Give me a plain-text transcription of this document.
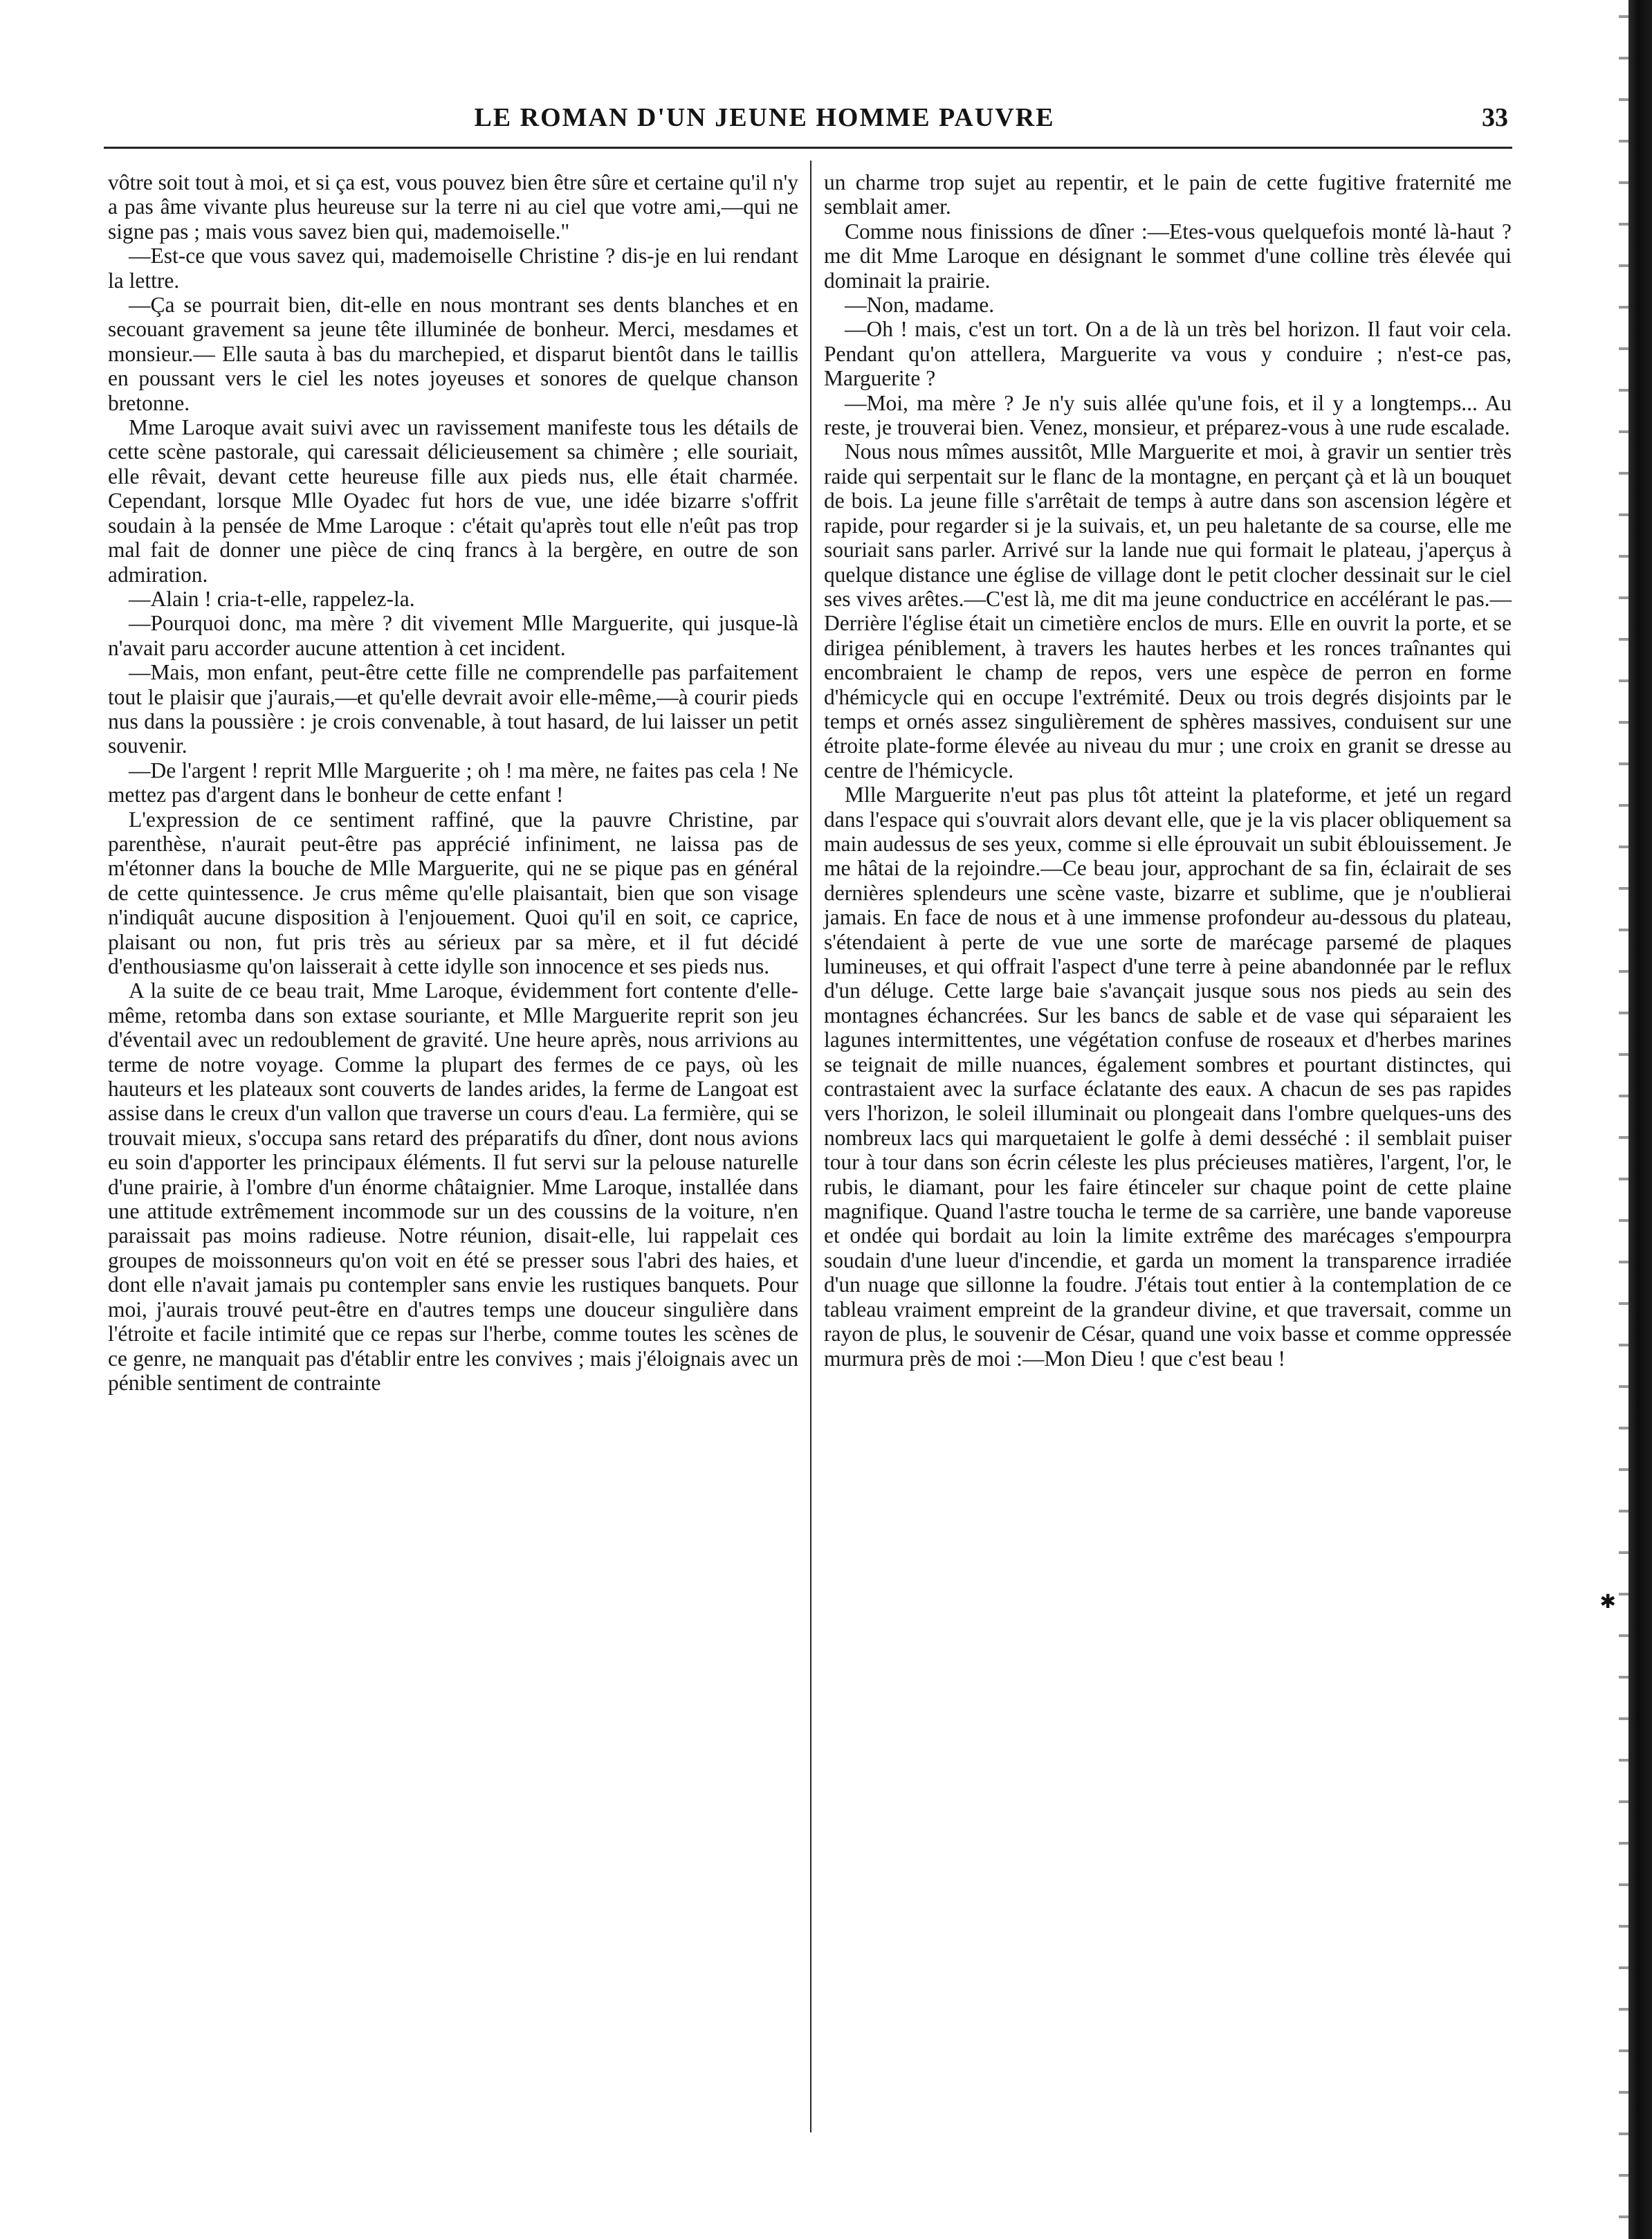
LE ROMAN D'UN JEUNE HOMME PAUVRE	33

vôtre soit tout à moi, et si ça est, vous pouvez bien être sûre et certaine qu'il n'y a pas âme vivante plus heureuse sur la terre ni au ciel que votre ami,—qui ne signe pas ; mais vous savez bien qui, mademoiselle."

—Est-ce que vous savez qui, mademoiselle Christine ? dis-je en lui rendant la lettre.

—Ça se pourrait bien, dit-elle en nous montrant ses dents blanches et en secouant gravement sa jeune tête illuminée de bonheur. Merci, mesdames et monsieur.— Elle sauta à bas du marchepied, et disparut bientôt dans le taillis en poussant vers le ciel les notes joyeuses et sonores de quelque chanson bretonne.

Mme Laroque avait suivi avec un ravissement manifeste tous les détails de cette scène pastorale, qui caressait délicieusement sa chimère ; elle souriait, elle rêvait, devant cette heureuse fille aux pieds nus, elle était charmée. Cependant, lorsque Mlle Oyadec fut hors de vue, une idée bizarre s'offrit soudain à la pensée de Mme Laroque : c'était qu'après tout elle n'eût pas trop mal fait de donner une pièce de cinq francs à la bergère, en outre de son admiration.

—Alain ! cria-t-elle, rappelez-la.

—Pourquoi donc, ma mère ? dit vivement Mlle Marguerite, qui jusque-là n'avait paru accorder aucune attention à cet incident.

—Mais, mon enfant, peut-être cette fille ne comprendelle pas parfaitement tout le plaisir que j'aurais,—et qu'elle devrait avoir elle-même,—à courir pieds nus dans la poussière : je crois convenable, à tout hasard, de lui laisser un petit souvenir.

—De l'argent ! reprit Mlle Marguerite ; oh ! ma mère, ne faites pas cela ! Ne mettez pas d'argent dans le bonheur de cette enfant !

L'expression de ce sentiment raffiné, que la pauvre Christine, par parenthèse, n'aurait peut-être pas apprécié infiniment, ne laissa pas de m'étonner dans la bouche de Mlle Marguerite, qui ne se pique pas en général de cette quintessence. Je crus même qu'elle plaisantait, bien que son visage n'indiquât aucune disposition à l'enjouement. Quoi qu'il en soit, ce caprice, plaisant ou non, fut pris très au sérieux par sa mère, et il fut décidé d'enthousiasme qu'on laisserait à cette idylle son innocence et ses pieds nus.

A la suite de ce beau trait, Mme Laroque, évidemment fort contente d'elle-même, retomba dans son extase souriante, et Mlle Marguerite reprit son jeu d'éventail avec un redoublement de gravité. Une heure après, nous arrivions au terme de notre voyage. Comme la plupart des fermes de ce pays, où les hauteurs et les plateaux sont couverts de landes arides, la ferme de Langoat est assise dans le creux d'un vallon que traverse un cours d'eau. La fermière, qui se trouvait mieux, s'occupa sans retard des préparatifs du dîner, dont nous avions eu soin d'apporter les principaux éléments. Il fut servi sur la pelouse naturelle d'une prairie, à l'ombre d'un énorme châtaignier. Mme Laroque, installée dans une attitude extrêmement incommode sur un des coussins de la voiture, n'en paraissait pas moins radieuse. Notre réunion, disait-elle, lui rappelait ces groupes de moissonneurs qu'on voit en été se presser sous l'abri des haies, et dont elle n'avait jamais pu contempler sans envie les rustiques banquets. Pour moi, j'aurais trouvé peut-être en d'autres temps une douceur singulière dans l'étroite et facile intimité que ce repas sur l'herbe, comme toutes les scènes de ce genre, ne manquait pas d'établir entre les convives ; mais j'éloignais avec un pénible sentiment de contrainte

un charme trop sujet au repentir, et le pain de cette fugitive fraternité me semblait amer.

Comme nous finissions de dîner :—Etes-vous quelquefois monté là-haut ? me dit Mme Laroque en désignant le sommet d'une colline très élevée qui dominait la prairie.

—Non, madame.

—Oh ! mais, c'est un tort. On a de là un très bel horizon. Il faut voir cela. Pendant qu'on attellera, Marguerite va vous y conduire ; n'est-ce pas, Marguerite ?

—Moi, ma mère ? Je n'y suis allée qu'une fois, et il y a longtemps... Au reste, je trouverai bien. Venez, monsieur, et préparez-vous à une rude escalade.

Nous nous mîmes aussitôt, Mlle Marguerite et moi, à gravir un sentier très raide qui serpentait sur le flanc de la montagne, en perçant çà et là un bouquet de bois. La jeune fille s'arrêtait de temps à autre dans son ascension légère et rapide, pour regarder si je la suivais, et, un peu haletante de sa course, elle me souriait sans parler. Arrivé sur la lande nue qui formait le plateau, j'aperçus à quelque distance une église de village dont le petit clocher dessinait sur le ciel ses vives arêtes.—C'est là, me dit ma jeune conductrice en accélérant le pas.—Derrière l'église était un cimetière enclos de murs. Elle en ouvrit la porte, et se dirigea péniblement, à travers les hautes herbes et les ronces traînantes qui encombraient le champ de repos, vers une espèce de perron en forme d'hémicycle qui en occupe l'extrémité. Deux ou trois degrés disjoints par le temps et ornés assez singulièrement de sphères massives, conduisent sur une étroite plate-forme élevée au niveau du mur ; une croix en granit se dresse au centre de l'hémicycle.

Mlle Marguerite n'eut pas plus tôt atteint la plateforme, et jeté un regard dans l'espace qui s'ouvrait alors devant elle, que je la vis placer obliquement sa main audessus de ses yeux, comme si elle éprouvait un subit éblouissement. Je me hâtai de la rejoindre.—Ce beau jour, approchant de sa fin, éclairait de ses dernières splendeurs une scène vaste, bizarre et sublime, que je n'oublierai jamais. En face de nous et à une immense profondeur au-dessous du plateau, s'étendaient à perte de vue une sorte de marécage parsemé de plaques lumineuses, et qui offrait l'aspect d'une terre à peine abandonnée par le reflux d'un déluge. Cette large baie s'avançait jusque sous nos pieds au sein des montagnes échancrées. Sur les bancs de sable et de vase qui séparaient les lagunes intermittentes, une végétation confuse de roseaux et d'herbes marines se teignait de mille nuances, également sombres et pourtant distinctes, qui contrastaient avec la surface éclatante des eaux. A chacun de ses pas rapides vers l'horizon, le soleil illuminait ou plongeait dans l'ombre quelques-uns des nombreux lacs qui marquetaient le golfe à demi desséché : il semblait puiser tour à tour dans son écrin céleste les plus précieuses matières, l'argent, l'or, le rubis, le diamant, pour les faire étinceler sur chaque point de cette plaine magnifique. Quand l'astre toucha le terme de sa carrière, une bande vaporeuse et ondée qui bordait au loin la limite extrême des marécages s'empourpra soudain d'une lueur d'incendie, et garda un moment la transparence irradiée d'un nuage que sillonne la foudre. J'étais tout entier à la contemplation de ce tableau vraiment empreint de la grandeur divine, et que traversait, comme un rayon de plus, le souvenir de César, quand une voix basse et comme oppressée murmura près de moi :—Mon Dieu ! que c'est beau !

✱
